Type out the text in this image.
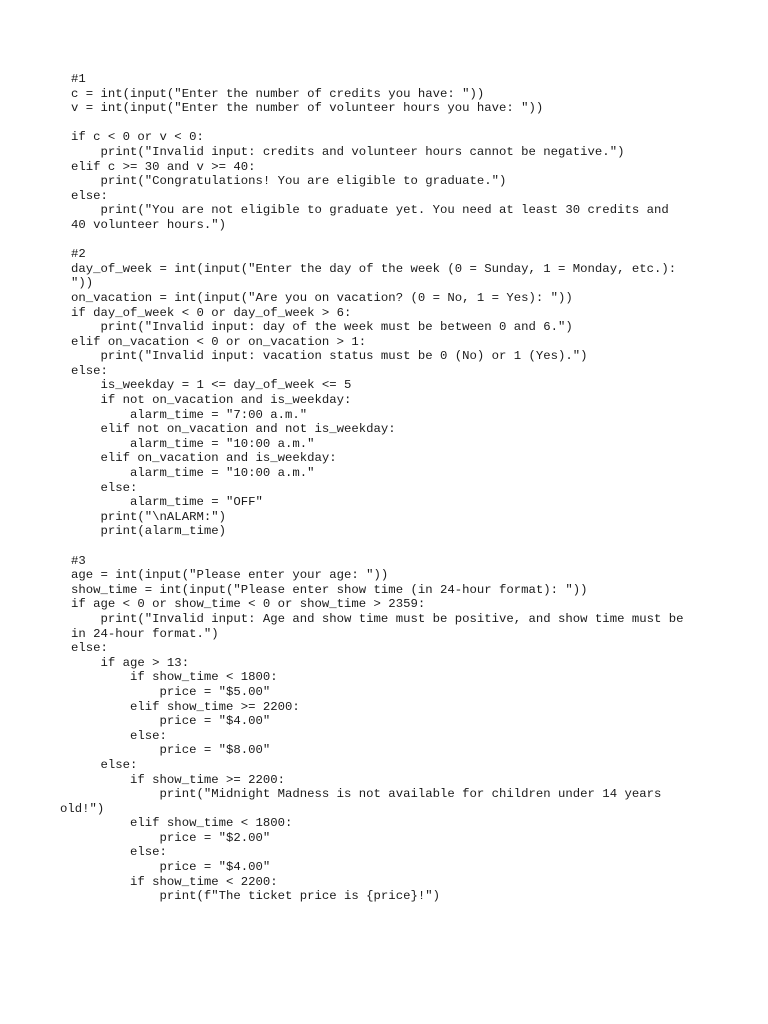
#1
c = int(input("Enter the number of credits you have: "))
v = int(input("Enter the number of volunteer hours you have: "))
if c < 0 or v < 0:
print("Invalid input: credits and volunteer hours cannot be negative.")
elif c >= 30 and v >= 40:
print("Congratulations! You are eligible to graduate.")
else:
print("You are not eligible to graduate yet. You need at least 30 credits and
40 volunteer hours.")
#2
day_of_week = int(input("Enter the day of the week (0 = Sunday, 1 = Monday, etc.):
"))
on_vacation = int(input("Are you on vacation? (0 = No, 1 = Yes): "))
if day_of_week < 0 or day_of_week > 6:
print("Invalid input: day of the week must be between 0 and 6.")
elif on_vacation < 0 or on_vacation > 1:
print("Invalid input: vacation status must be 0 (No) or 1 (Yes).")
else:
is_weekday = 1 <= day_of_week <= 5
if not on_vacation and is_weekday:
alarm_time = "7:00 a.m."
elif not on_vacation and not is_weekday:
alarm_time = "10:00 a.m."
elif on_vacation and is_weekday:
alarm_time = "10:00 a.m."
else:
alarm_time = "OFF"
print("\nALARM:")
print(alarm_time)
#3
age = int(input("Please enter your age: "))
show_time = int(input("Please enter show time (in 24-hour format): "))
if age < 0 or show_time < 0 or show_time > 2359:
print("Invalid input: Age and show time must be positive, and show time must be
in 24-hour format.")
else:
if age > 13:
if show_time < 1800:
price = "$5.00"
elif show_time >= 2200:
price = "$4.00"
else:
price = "$8.00"
else:
if show_time >= 2200:
print("Midnight Madness is not available for children under 14 years
old!")
elif show_time < 1800:
price = "$2.00"
else:
price = "$4.00"
if show_time < 2200:
print(f"The ticket price is {price}!")
